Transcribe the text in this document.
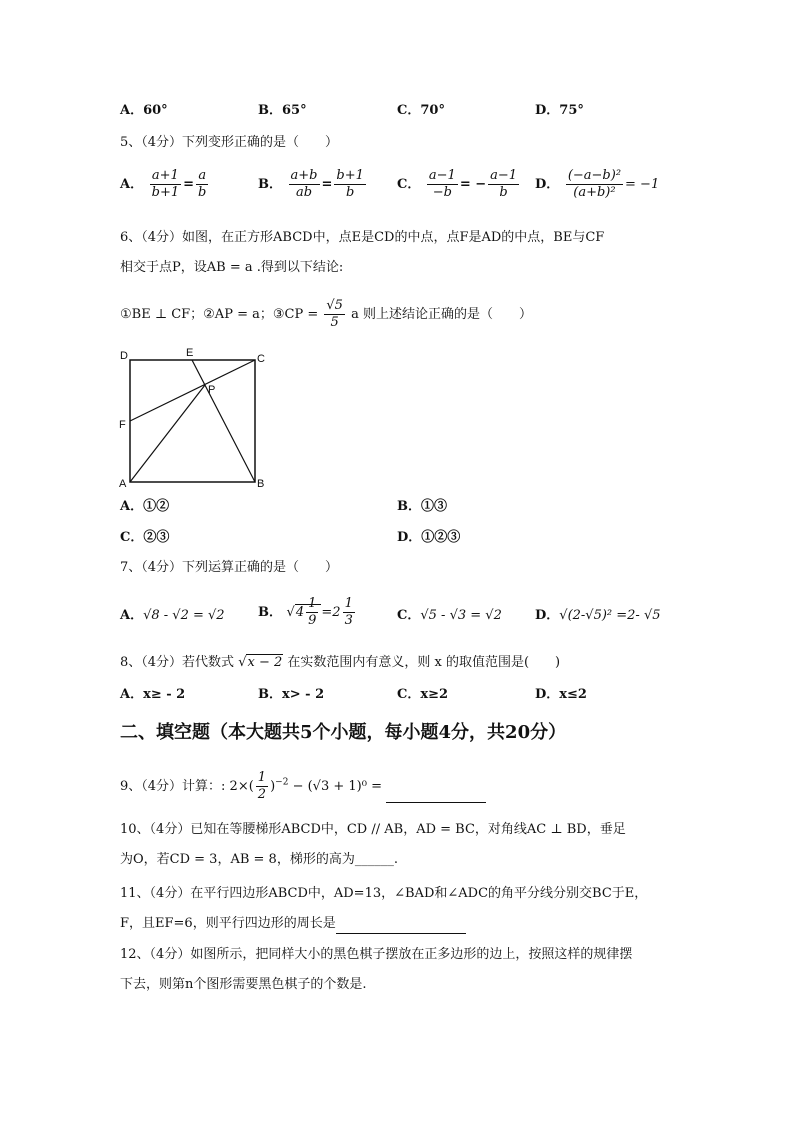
A．60°	B．65°	C．70°	D．75°
5、（4分）下列变形正确的是（　　）
A． $\frac{a+1}{b+1} = \frac{a}{b}$	B． $\frac{a+b}{ab} = \frac{b+1}{b}$ C． $\frac{a-1}{-b}$ = − $\frac{a-1}{b}$ D． $\frac{\text{(−a−b)²}}{\text{(a+b)²}} = -1$
6、（4分）如图，在正方形ABCD中，点E是CD的中点，点F是AD的中点，BE与CF
相交于点P，设AB = a .得到以下结论:
①BE ⊥ CF；②AP = a；③CP = $\frac{√5}{5}$ a 则上述结论正确的是（　　）
D	E	C
P
F
A	B
A．①②	B．①③
C．②③	D．①②③
7、（4分）下列运算正确的是（　　）
A．√8 - √2 = √2	B． $√4 \frac{1}{9} =2 \frac{1}{3}$	C．√5 - √3 = √2	D．√(2-√5)² =2- √5
8、（4分）若代数式 √x − 2 在实数范围内有意义，则 x 的取值范围是(　　)
A．x≥ - 2	B．x> - 2	C．x≥2	D．x≤2
二、填空题（本大题共5个小题，每小题4分，共20分）
9、（4分）计算：: $2\times( \frac{1}{2} )^{-2} - (√3 + 1)^0$ =
10、（4分）已知在等腰梯形ABCD中，CD // AB，AD = BC，对角线AC ⊥ BD，垂足
为O，若CD = 3，AB = 8，梯形的高为______.
11、（4分）在平行四边形ABCD中，AD=13，∠BAD和∠ADC的角平分线分别交BC于E，
F，且EF=6，则平行四边形的周长是
12、（4分）如图所示，把同样大小的黑色棋子摆放在正多边形的边上，按照这样的规律摆
下去，则第n个图形需要黑色棋子的个数是.
